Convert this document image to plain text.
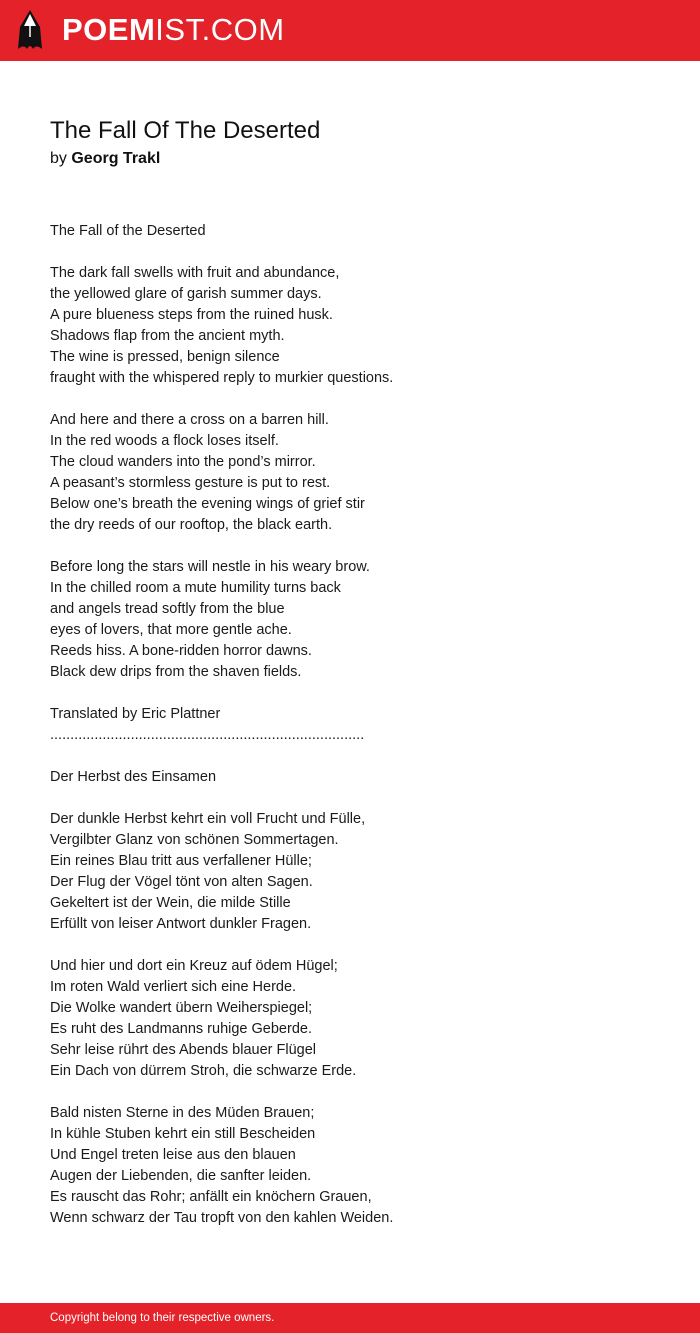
POEMIST.COM
The Fall Of The Deserted
by Georg Trakl
The Fall of the Deserted
The dark fall swells with fruit and abundance,
the yellowed glare of garish summer days.
A pure blueness steps from the ruined husk.
Shadows flap from the ancient myth.
The wine is pressed, benign silence
fraught with the whispered reply to murkier questions.
And here and there a cross on a barren hill.
In the red woods a flock loses itself.
The cloud wanders into the pond’s mirror.
A peasant’s stormless gesture is put to rest.
Below one’s breath the evening wings of grief stir
the dry reeds of our rooftop, the black earth.
Before long the stars will nestle in his weary brow.
In the chilled room a mute humility turns back
and angels tread softly from the blue
eyes of lovers, that more gentle ache.
Reeds hiss. A bone-ridden horror dawns.
Black dew drips from the shaven fields.
Translated by Eric Plattner
..............................................................................
Der Herbst des Einsamen
Der dunkle Herbst kehrt ein voll Frucht und Fülle,
Vergilbter Glanz von schönen Sommertagen.
Ein reines Blau tritt aus verfallener Hülle;
Der Flug der Vögel tönt von alten Sagen.
Gekeltert ist der Wein, die milde Stille
Erfüllt von leiser Antwort dunkler Fragen.
Und hier und dort ein Kreuz auf ödem Hügel;
Im roten Wald verliert sich eine Herde.
Die Wolke wandert übern Weiherspiegel;
Es ruht des Landmanns ruhige Geberde.
Sehr leise rührt des Abends blauer Flügel
Ein Dach von dürrem Stroh, die schwarze Erde.
Bald nisten Sterne in des Müden Brauen;
In kühle Stuben kehrt ein still Bescheiden
Und Engel treten leise aus den blauen
Augen der Liebenden, die sanfter leiden.
Es rauscht das Rohr; anfällt ein knöchern Grauen,
Wenn schwarz der Tau tropft von den kahlen Weiden.
Copyright belong to their respective owners.
